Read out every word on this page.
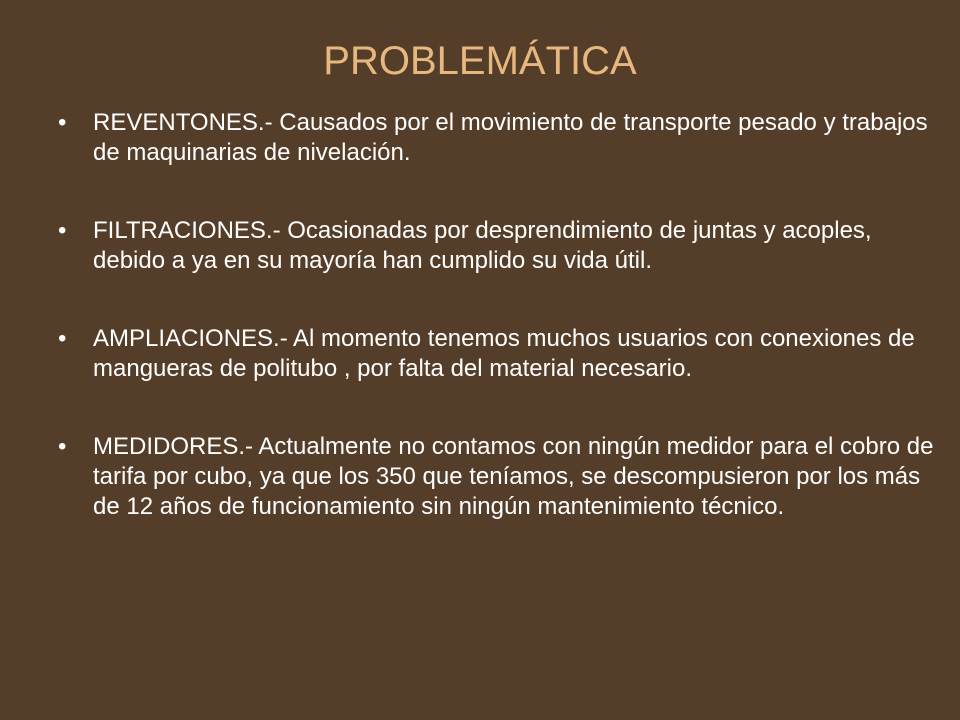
PROBLEMÁTICA
•	REVENTONES.- Causados por el movimiento de transporte pesado y trabajos de maquinarias de nivelación.
•	FILTRACIONES.- Ocasionadas por desprendimiento de juntas y acoples, debido a ya en su mayoría han cumplido su vida útil.
•	AMPLIACIONES.- Al momento tenemos muchos usuarios con conexiones de mangueras de politubo , por falta del material necesario.
•	MEDIDORES.- Actualmente no contamos con ningún medidor para el cobro de tarifa por cubo, ya que los 350 que teníamos, se descompusieron por los más de 12 años de funcionamiento sin ningún mantenimiento técnico.
